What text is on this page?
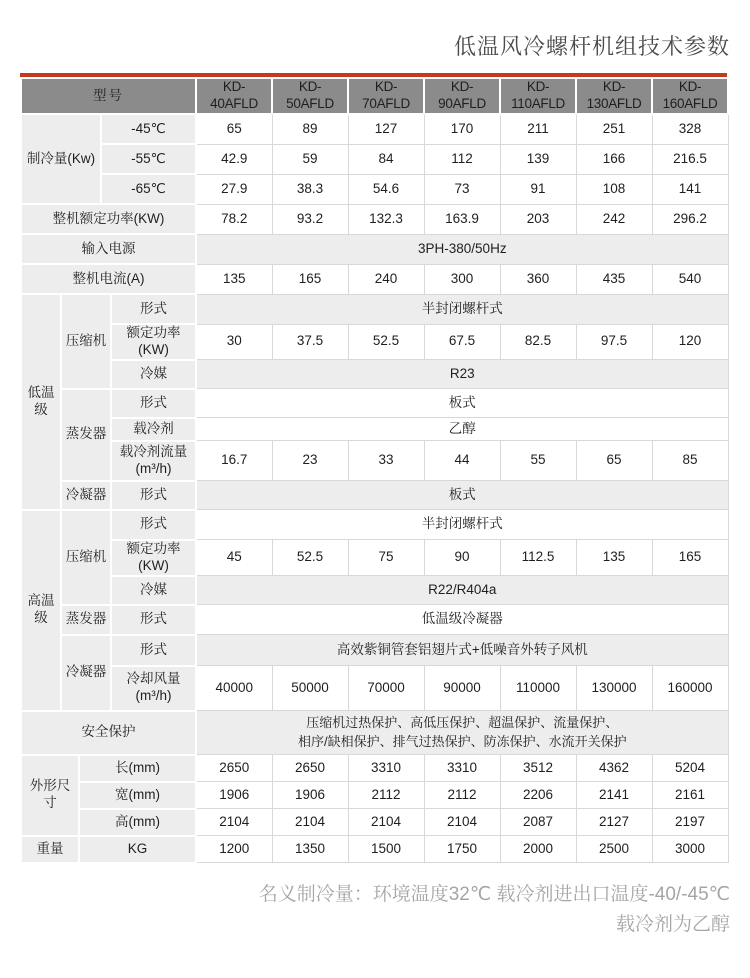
低温风冷螺杆机组技术参数
型号					KD-40AFLD	KD-50AFLD	KD-70AFLD	KD-90AFLD	KD-110AFLD	KD-130AFLD	KD-160AFLD
制冷量(Kw)			-45℃		65	89	127	170	211	251	328
			-55℃		42.9	59	84	112	139	166	216.5
			-65℃		27.9	38.3	54.6	73	91	108	141
整机额定功率(KW)					78.2	93.2	132.3	163.9	203	242	296.2
输入电源					3PH-380/50Hz						
整机电流(A)					135	165	240	300	360	435	540
低温级	压缩机			形式	半封闭螺杆式						
				额定功率(KW)	30	37.5	52.5	67.5	82.5	97.5	120
				冷媒	R23						
	蒸发器			形式	板式						
				载冷剂	乙醇						
				载冷剂流量 (m³/h)	16.7	23	33	44	55	65	85
	冷凝器			形式	板式						
高温级	压缩机			形式	半封闭螺杆式						
				额定功率(KW)	45	52.5	75	90	112.5	135	165
				冷媒	R22/R404a						
	蒸发器			形式	低温级冷凝器						
	冷凝器			形式	高效紫铜管套铝翅片式+低噪音外转子风机						
				冷却风量 (m³/h)	40000	50000	70000	90000	110000	130000	160000
安全保护					压缩机过热保护、高低压保护、超温保护、流量保护、
相序/缺相保护、排气过热保护、防冻保护、水流开关保护						

外形尺寸		长(mm)			2650	2650	3310	3310	3512	4362	5204
		宽(mm)			1906	1906	2112	2112	2206	2141	2161
		高(mm)			2104	2104	2104	2104	2087	2127	2197
重量		KG			1200	1350	1500	1750	2000	2500	3000
名义制冷量：环境温度32℃ 载冷剂进出口温度-40/-45℃
载冷剂为乙醇
